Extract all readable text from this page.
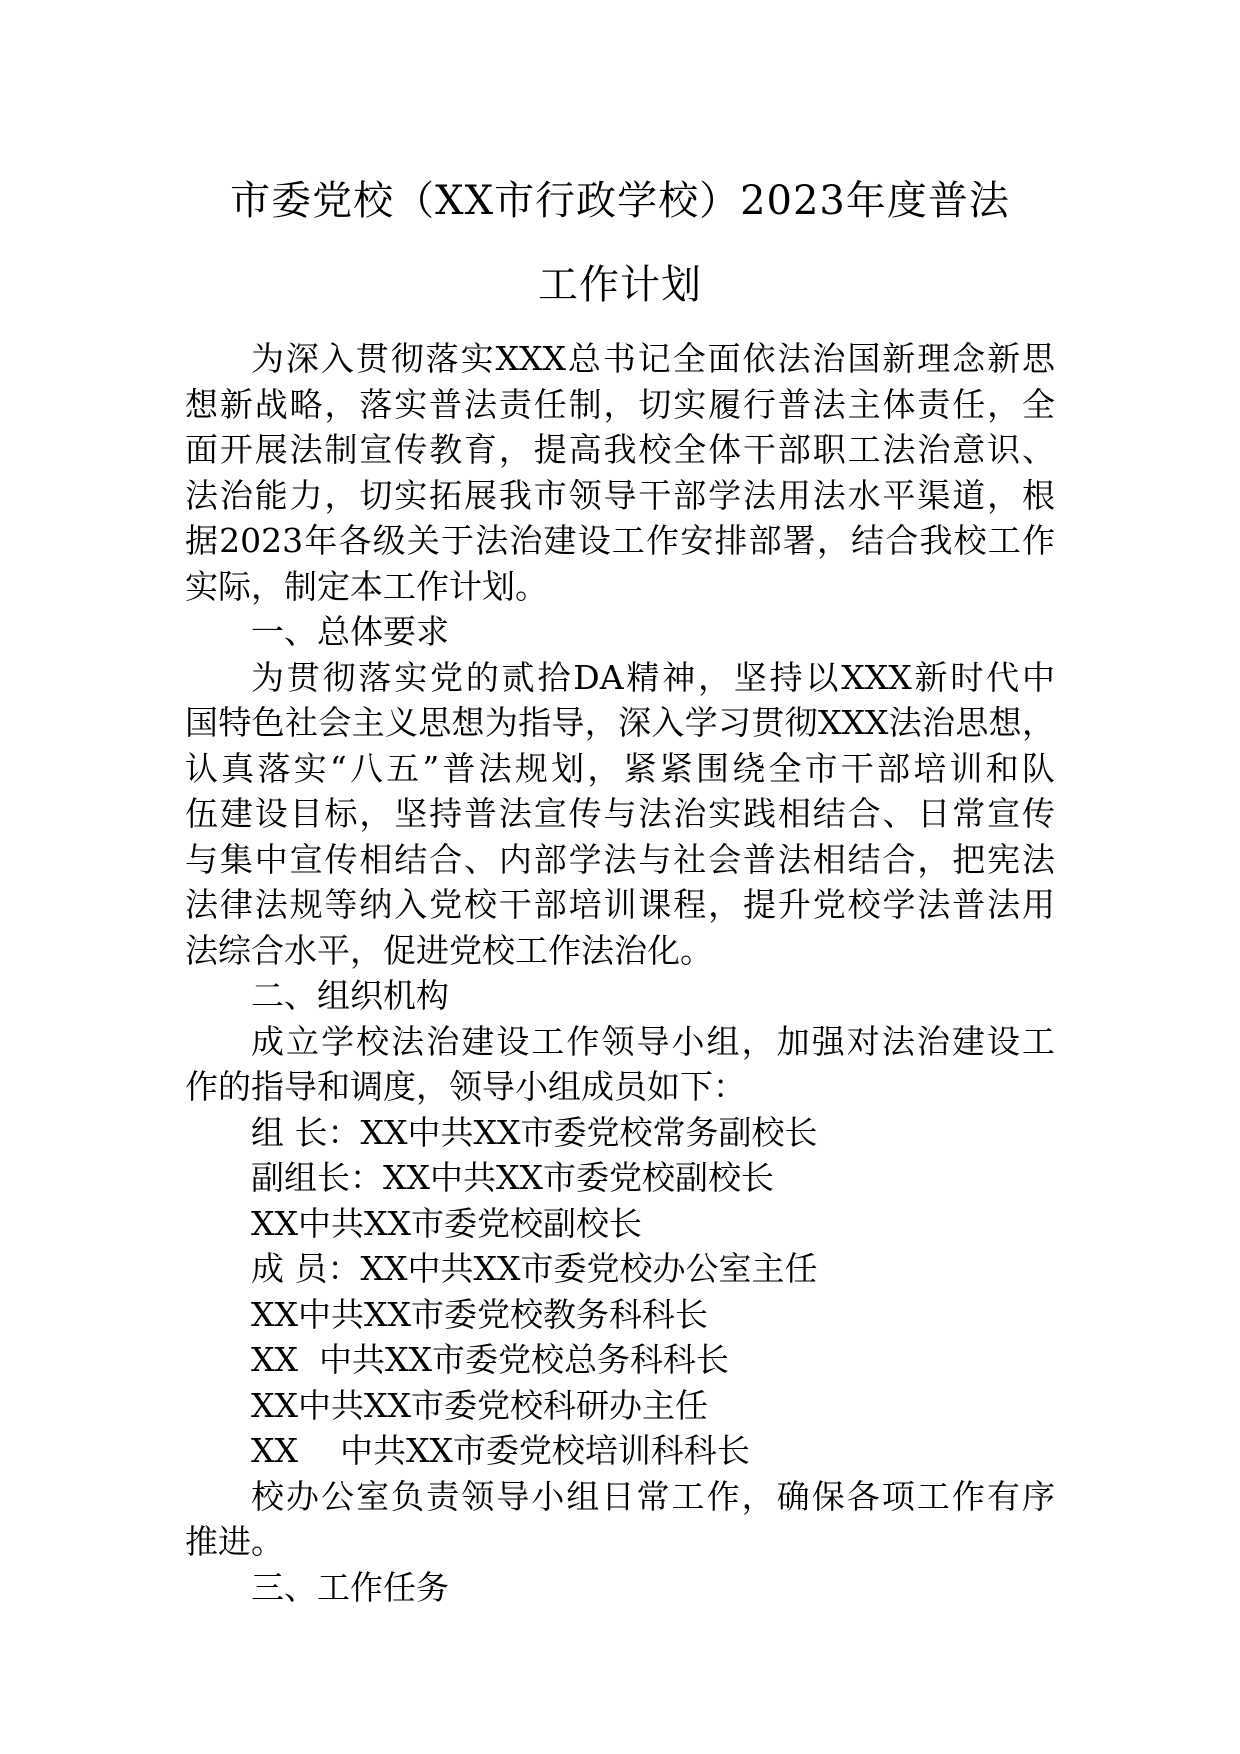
市委党校（XX市行政学校）2023年度普法
工作计划
为深入贯彻落实XXX总书记全面依法治国新理念新思
想新战略，落实普法责任制，切实履行普法主体责任，全
面开展法制宣传教育，提高我校全体干部职工法治意识、
法治能力，切实拓展我市领导干部学法用法水平渠道，根
据2023年各级关于法治建设工作安排部署，结合我校工作
实际，制定本工作计划。
一、总体要求
为贯彻落实党的贰拾DA精神，坚持以XXX新时代中
国特色社会主义思想为指导，深入学习贯彻XXX法治思想，
认真落实“八五”普法规划，紧紧围绕全市干部培训和队
伍建设目标，坚持普法宣传与法治实践相结合、日常宣传
与集中宣传相结合、内部学法与社会普法相结合，把宪法
法律法规等纳入党校干部培训课程，提升党校学法普法用
法综合水平，促进党校工作法治化。
二、组织机构
成立学校法治建设工作领导小组，加强对法治建设工
作的指导和调度，领导小组成员如下：
组 长：XX中共XX市委党校常务副校长
副组长：XX中共XX市委党校副校长
XX中共XX市委党校副校长
成 员：XX中共XX市委党校办公室主任
XX中共XX市委党校教务科科长
XX  中共XX市委党校总务科科长
XX中共XX市委党校科研办主任
XX    中共XX市委党校培训科科长
校办公室负责领导小组日常工作，确保各项工作有序
推进。
三、工作任务
